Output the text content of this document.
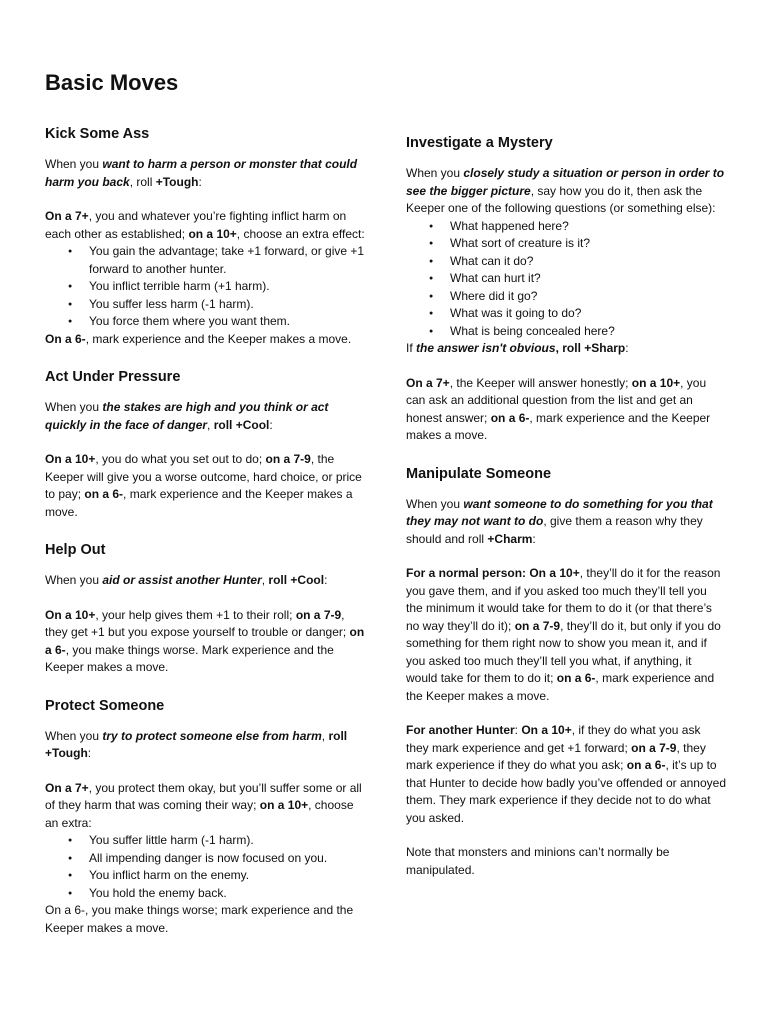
Basic Moves
Kick Some Ass

When you want to harm a person or monster that could harm you back, roll +Tough:

On a 7+, you and whatever you’re fighting inflict harm on each other as established; on a 10+, choose an extra effect:

● You gain the advantage; take +1 forward, or give +1 forward to another hunter.
● You inflict terrible harm (+1 harm).
● You suffer less harm (-1 harm).
● You force them where you want them.

On a 6-, mark experience and the Keeper makes a move.

Act Under Pressure

When you the stakes are high and you think or act quickly in the face of danger, roll +Cool:

On a 10+, you do what you set out to do; on a 7-9, the Keeper will give you a worse outcome, hard choice, or price to pay; on a 6-, mark experience and the Keeper makes a move.

Help Out

When you aid or assist another Hunter, roll +Cool:

On a 10+, your help gives them +1 to their roll; on a 7-9, they get +1 but you expose yourself to trouble or danger; on a 6-, you make things worse. Mark experience and the Keeper makes a move.

Protect Someone

When you try to protect someone else from harm, roll +Tough:

On a 7+, you protect them okay, but you’ll suffer some or all of they harm that was coming their way; on a 10+, choose an extra:

● You suffer little harm (-1 harm).
● All impending danger is now focused on you.
● You inflict harm on the enemy.
● You hold the enemy back.

On a 6-, you make things worse; mark experience and the Keeper makes a move.

Investigate a Mystery

When you closely study a situation or person in order to see the bigger picture, say how you do it, then ask the Keeper one of the following questions (or something else):

● What happened here?
● What sort of creature is it?
● What can it do?
● What can hurt it?
● Where did it go?
● What was it going to do?
● What is being concealed here?

If the answer isn't obvious, roll +Sharp:

On a 7+, the Keeper will answer honestly; on a 10+, you can ask an additional question from the list and get an honest answer; on a 6-, mark experience and the Keeper makes a move.

Manipulate Someone

When you want someone to do something for you that they may not want to do, give them a reason why they should and roll +Charm:

For a normal person: On a 10+, they’ll do it for the reason you gave them, and if you asked too much they’ll tell you the minimum it would take for them to do it (or that there’s no way they’ll do it); on a 7-9, they’ll do it, but only if you do something for them right now to show you mean it, and if you asked too much they’ll tell you what, if anything, it would take for them to do it; on a 6-, mark experience and the Keeper makes a move.

For another Hunter: On a 10+, if they do what you ask they mark experience and get +1 forward; on a 7-9, they mark experience if they do what you ask; on a 6-, it’s up to that Hunter to decide how badly you’ve offended or annoyed them. They mark experience if they decide not to do what you asked.

Note that monsters and minions can’t normally be manipulated.
